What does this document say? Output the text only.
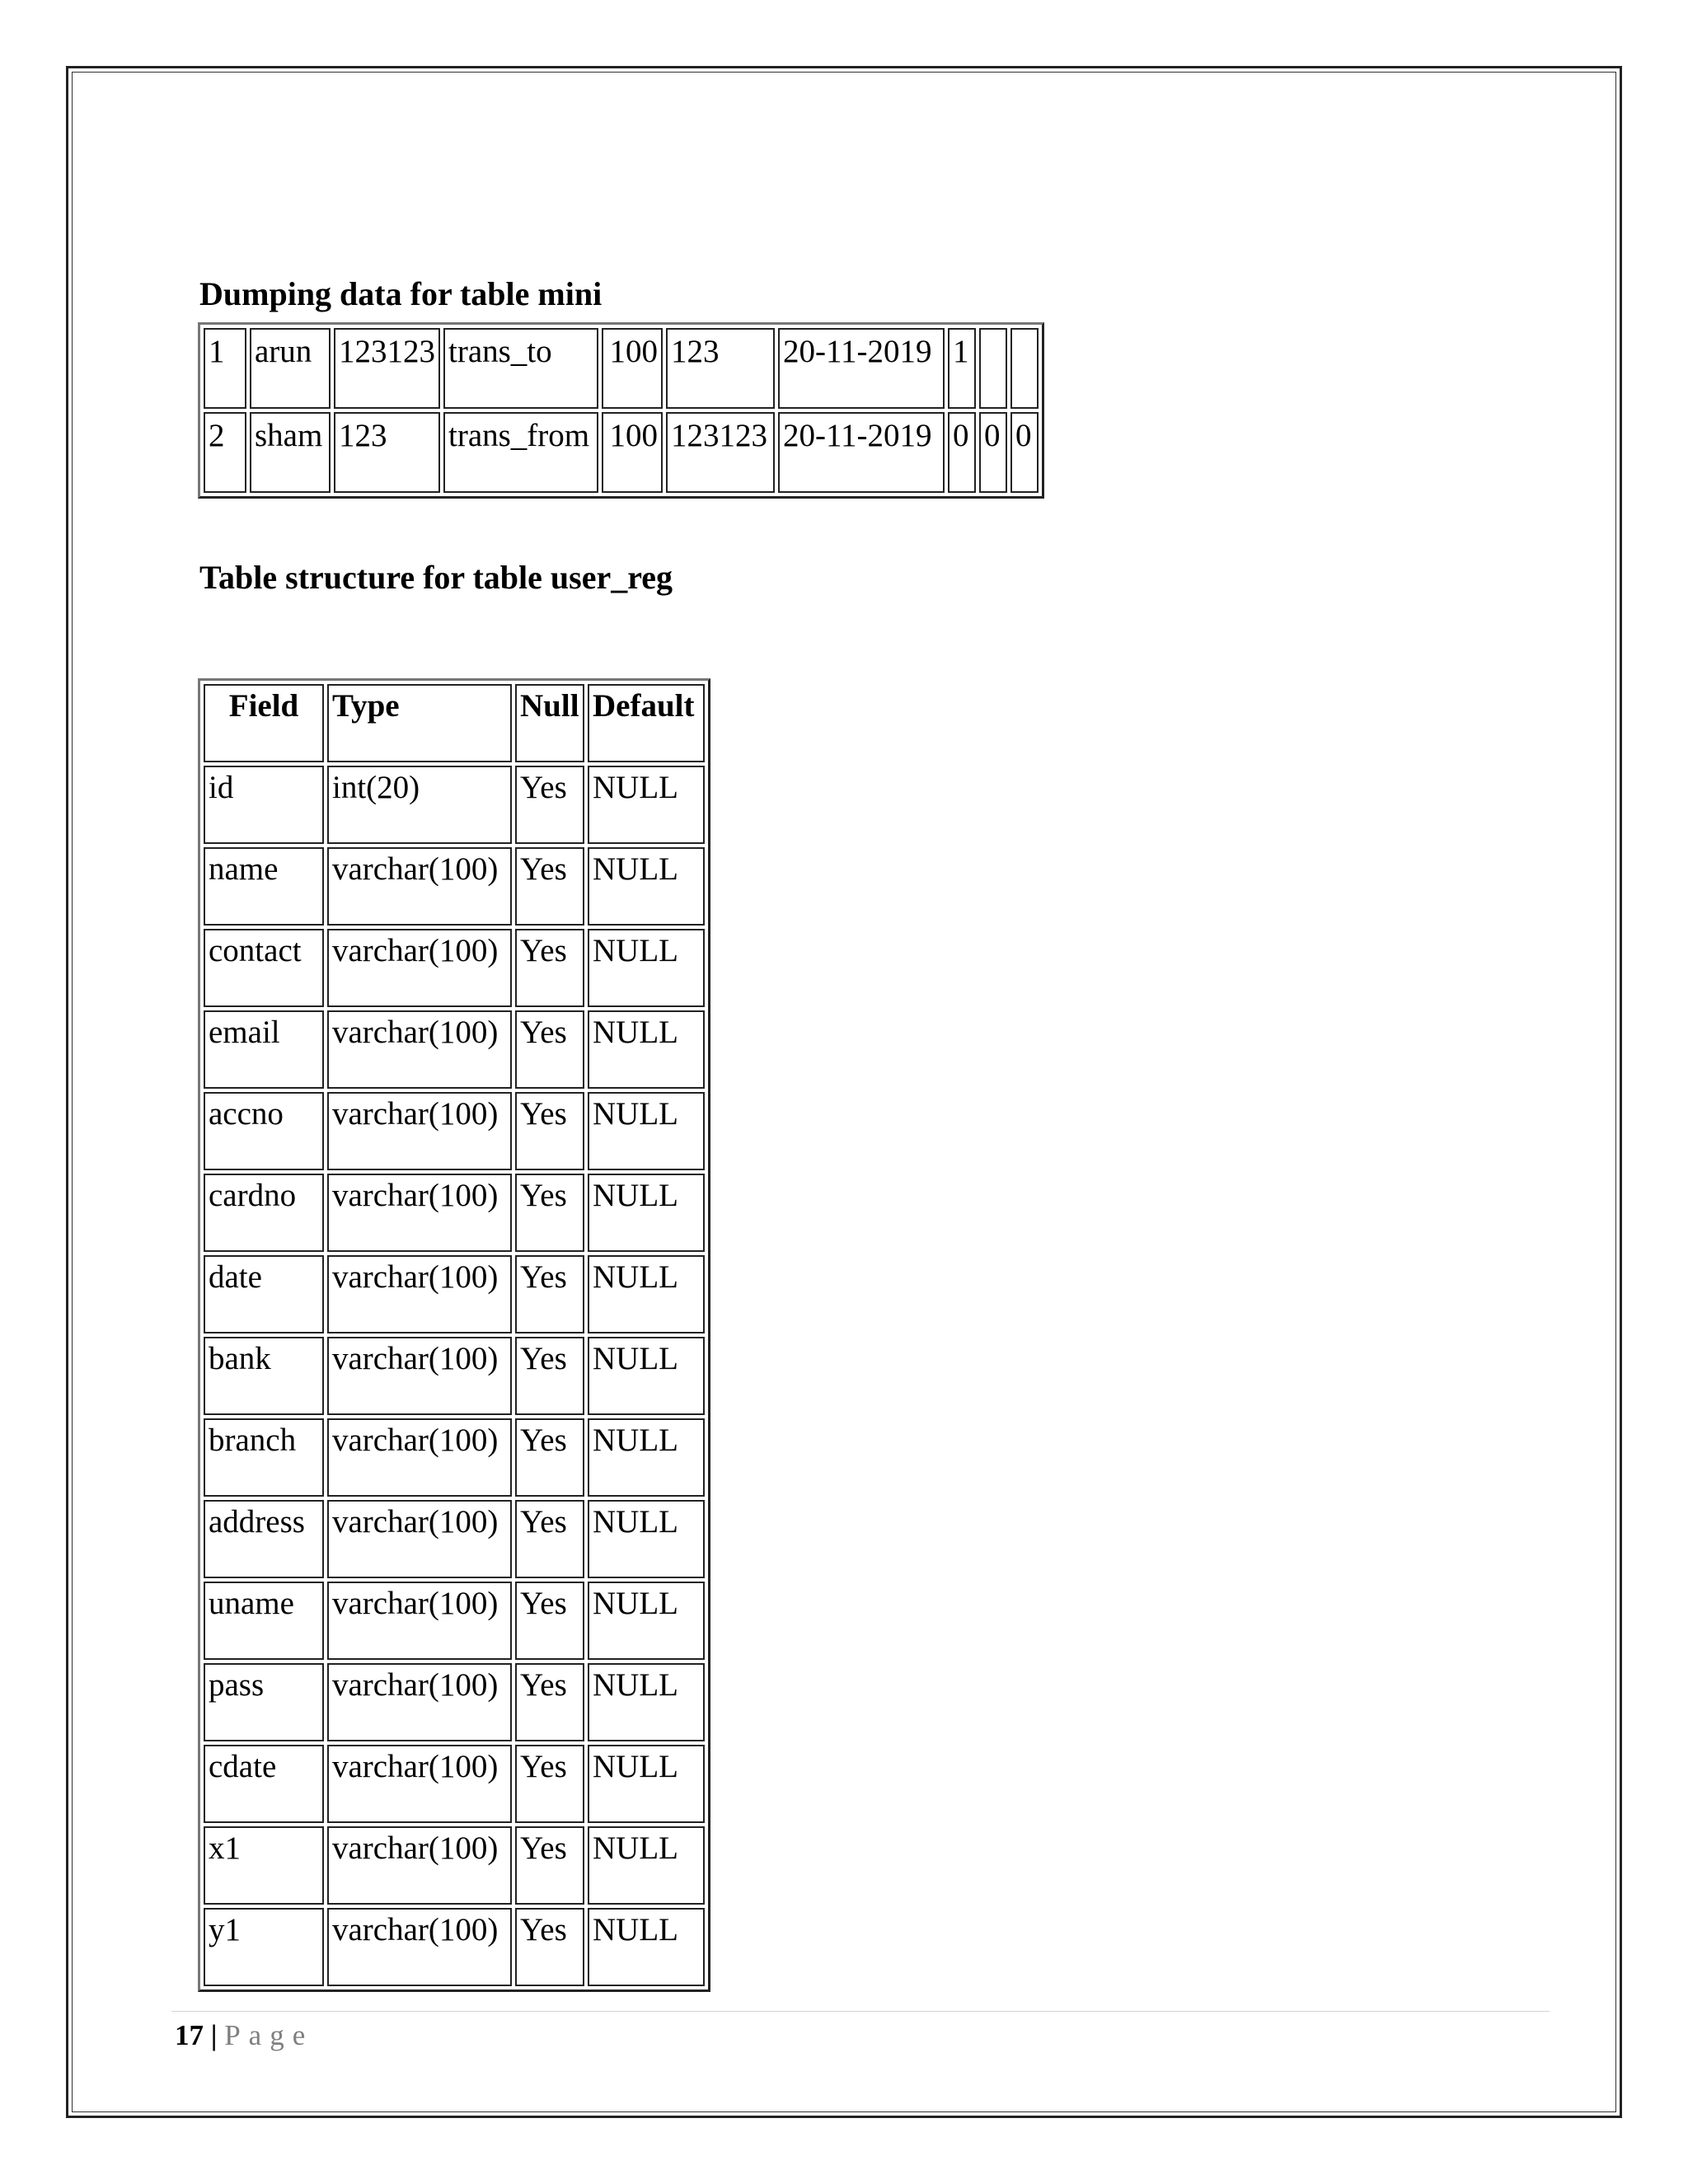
Dumping data for table mini
1	arun	123123	trans_to	100	123	20-11-2019	1		
2	sham	123	trans_from	100	123123	20-11-2019	0	0	0
Table structure for table user_reg
Field	Type	Null	Default
id	int(20)	Yes	NULL
name	varchar(100)	Yes	NULL
contact	varchar(100)	Yes	NULL
email	varchar(100)	Yes	NULL
accno	varchar(100)	Yes	NULL
cardno	varchar(100)	Yes	NULL
date	varchar(100)	Yes	NULL
bank	varchar(100)	Yes	NULL
branch	varchar(100)	Yes	NULL
address	varchar(100)	Yes	NULL
uname	varchar(100)	Yes	NULL
pass	varchar(100)	Yes	NULL
cdate	varchar(100)	Yes	NULL
x1	varchar(100)	Yes	NULL
y1	varchar(100)	Yes	NULL
17 | Page
